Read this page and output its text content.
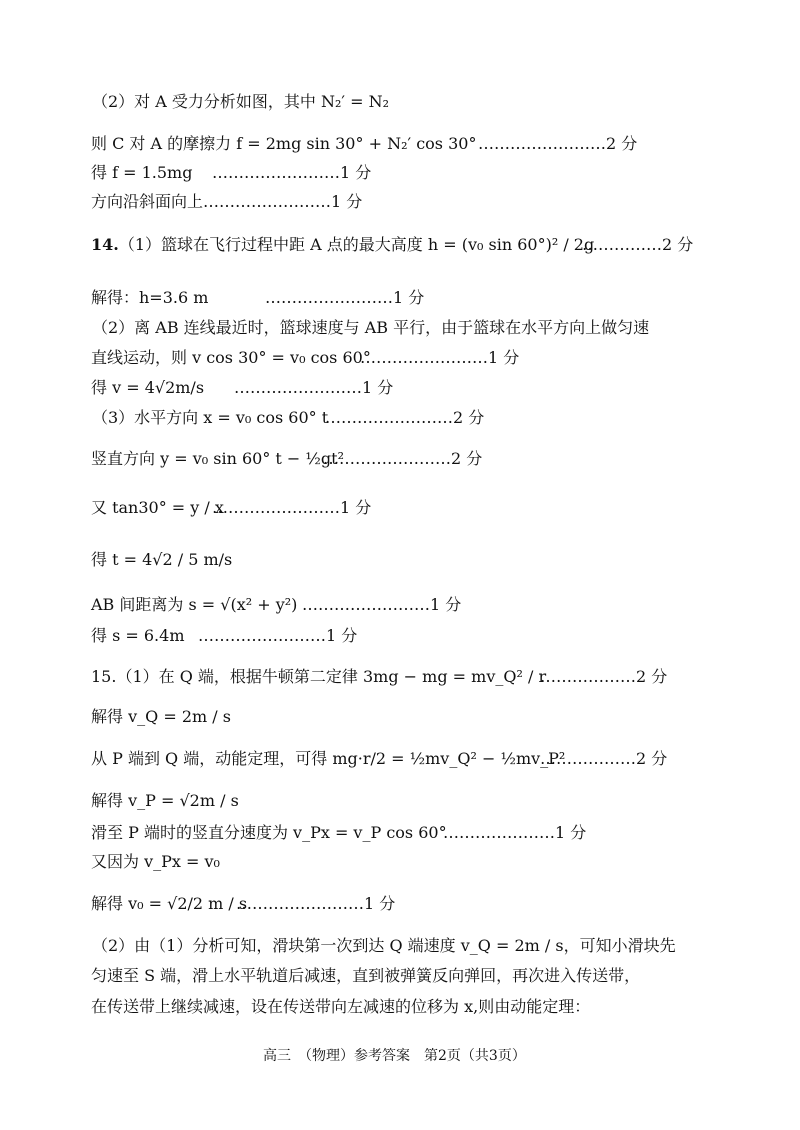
（2）对 A 受力分析如图，其中 N₂′ = N₂
则 C 对 A 的摩擦力 f = 2mg sin 30° + N₂′ cos 30° ……………………2 分
得 f = 1.5mg ……………………1 分
方向沿斜面向上……………………1 分
14.（1）篮球在飞行过程中距 A 点的最大高度 h = (v₀ sin 60°)² / 2g
……………2 分
解得：h=3.6 m	……………………1 分
（2）离 AB 连线最近时，篮球速度与 AB 平行，由于篮球在水平方向上做匀速
直线运动，则 v cos 30° = v₀ cos 60°
……………………1 分
得 v = 4√2m/s ……………………1 分
（3）水平方向 x = v₀ cos 60° t
……………………2 分
竖直方向 y = v₀ sin 60° t − ½gt²
……………………2 分
又 tan30° = y / x
……………………1 分
得 t = 4√2 / 5 m/s
AB 间距离为 s = √(x² + y²) ……………………1 分
得 s = 6.4m ……………………1 分
15.（1）在 Q 端，根据牛顿第二定律 3mg − mg = mv_Q² / r
………………2 分
解得 v_Q = 2m / s
从 P 端到 Q 端，动能定理，可得 mg·r/2 = ½mv_Q² − ½mv_P²
………………2 分
解得 v_P = √2m / s
滑至 P 端时的竖直分速度为 v_Px = v_P cos 60°
…………………1 分
又因为 v_Px = v₀
解得 v₀ = √2/2 m / s
……………………1 分
（2）由（1）分析可知，滑块第一次到达 Q 端速度 v_Q = 2m / s，可知小滑块先
匀速至 S 端，滑上水平轨道后减速，直到被弹簧反向弹回，再次进入传送带，
在传送带上继续减速，设在传送带向左减速的位移为 x,则由动能定理：
高三　（物理）参考答案　第2页（共3页）
